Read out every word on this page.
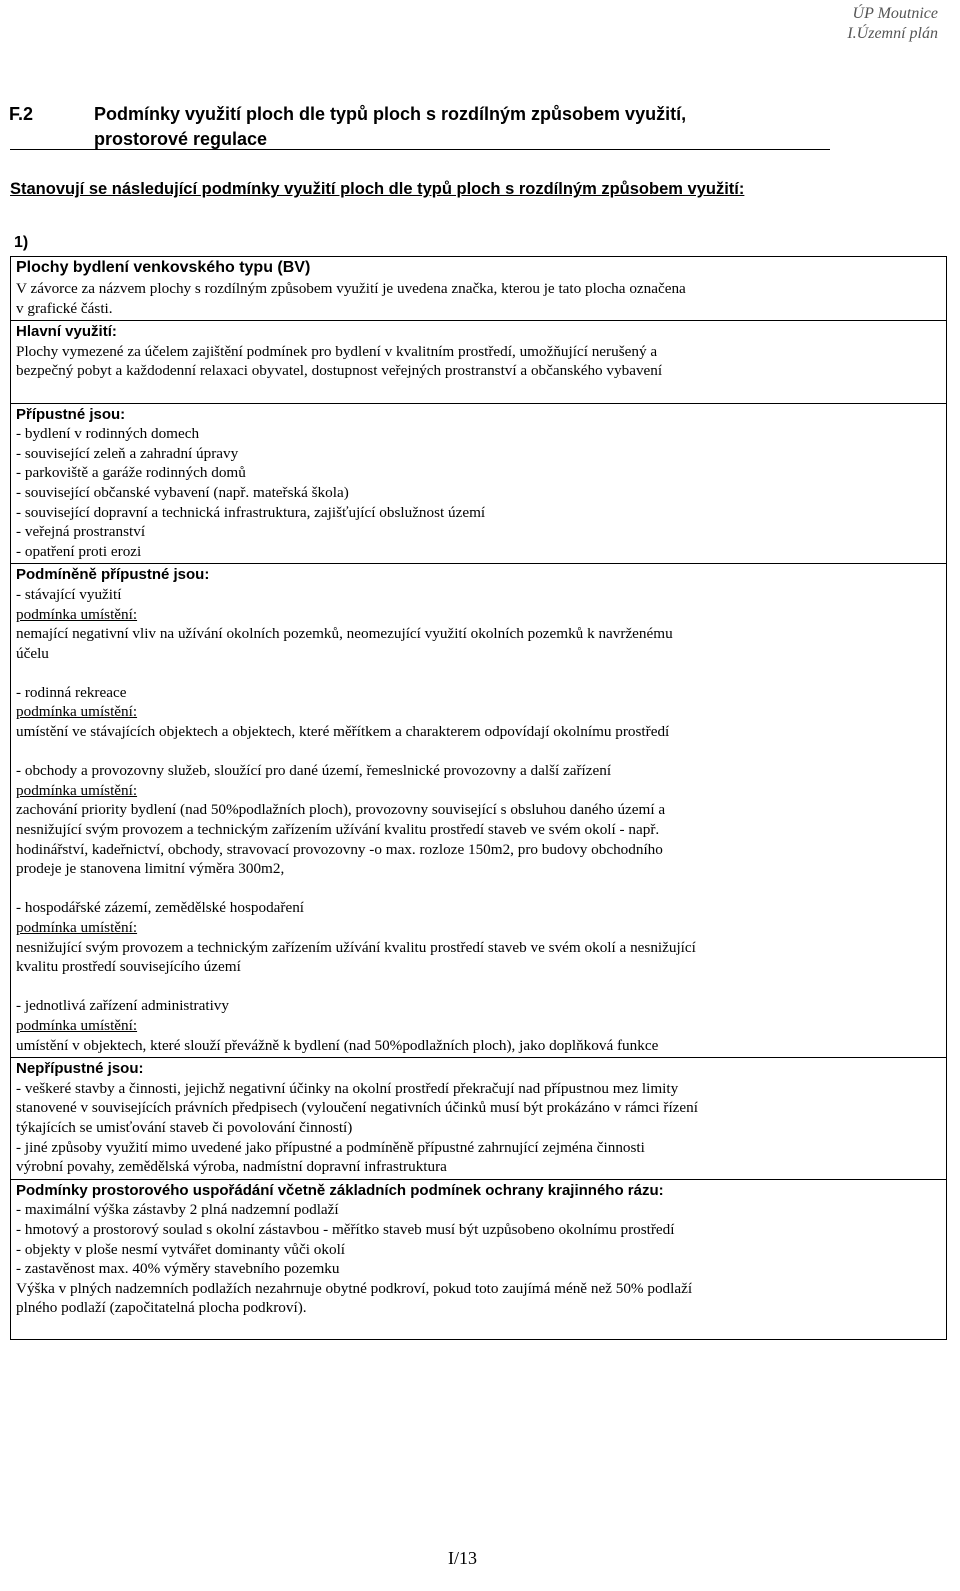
ÚP Moutnice
I.Územní plán
F.2	Podmínky využití ploch dle typů ploch s rozdílným způsobem využití,
prostorové regulace
Stanovují se následující podmínky využití ploch dle typů ploch s rozdílným způsobem využití:
1)
Plochy bydlení venkovského typu (BV)
V závorce za názvem plochy s rozdílným způsobem využití je uvedena značka, kterou je tato plocha označena
v grafické části.

Hlavní využití:
Plochy vymezené za účelem zajištění podmínek pro bydlení v kvalitním prostředí, umožňující nerušený a
bezpečný pobyt a každodenní relaxaci obyvatel, dostupnost veřejných prostranství a občanského vybavení

Přípustné jsou:
- bydlení v rodinných domech
- související zeleň a zahradní úpravy
- parkoviště a garáže rodinných domů
- související občanské vybavení (např. mateřská škola)
- související dopravní a technická infrastruktura, zajišťující obslužnost území
- veřejná prostranství
- opatření proti erozi

Podmíněně přípustné jsou:
- stávající využití
podmínka umístění:
nemající negativní vliv na užívání okolních pozemků, neomezující využití okolních pozemků k navrženému
účelu
- rodinná rekreace
podmínka umístění:
umístění ve stávajících objektech a objektech, které měřítkem a charakterem odpovídají okolnímu prostředí
- obchody a provozovny služeb, sloužící pro dané území, řemeslnické provozovny a další zařízení
podmínka umístění:
zachování priority bydlení (nad 50%podlažních ploch), provozovny související s obsluhou daného území a
nesnižující svým provozem a technickým zařízením užívání kvalitu prostředí staveb ve svém okolí - např.
hodinářství, kadeřnictví, obchody, stravovací provozovny -o max. rozloze 150m2, pro budovy obchodního
prodeje je stanovena limitní výměra 300m2,
- hospodářské zázemí, zemědělské hospodaření
podmínka umístění:
nesnižující svým provozem a technickým zařízením užívání kvalitu prostředí staveb ve svém okolí a nesnižující
kvalitu prostředí souvisejícího území
- jednotlivá zařízení administrativy
podmínka umístění:
umístění v objektech, které slouží převážně k bydlení (nad 50%podlažních ploch), jako doplňková funkce

Nepřípustné jsou:
- veškeré stavby a činnosti, jejichž negativní účinky na okolní prostředí překračují nad přípustnou mez limity
stanovené v souvisejících právních předpisech (vyloučení negativních účinků musí být prokázáno v rámci řízení
týkajících se umisťování staveb či povolování činností)
- jiné způsoby využití mimo uvedené jako přípustné a podmíněně přípustné zahrnující zejména činnosti
výrobní povahy, zemědělská výroba, nadmístní dopravní infrastruktura

Podmínky prostorového uspořádání včetně základních podmínek ochrany krajinného rázu:
- maximální výška zástavby 2 plná nadzemní podlaží
- hmotový a prostorový soulad s okolní zástavbou - měřítko staveb musí být uzpůsobeno okolnímu prostředí
- objekty v ploše nesmí vytvářet dominanty vůči okolí
- zastavěnost max. 40% výměry stavebního pozemku
Výška v plných nadzemních podlažích nezahrnuje obytné podkroví, pokud toto zaujímá méně než 50% podlaží
plného podlaží (započitatelná plocha podkroví).
I/13
